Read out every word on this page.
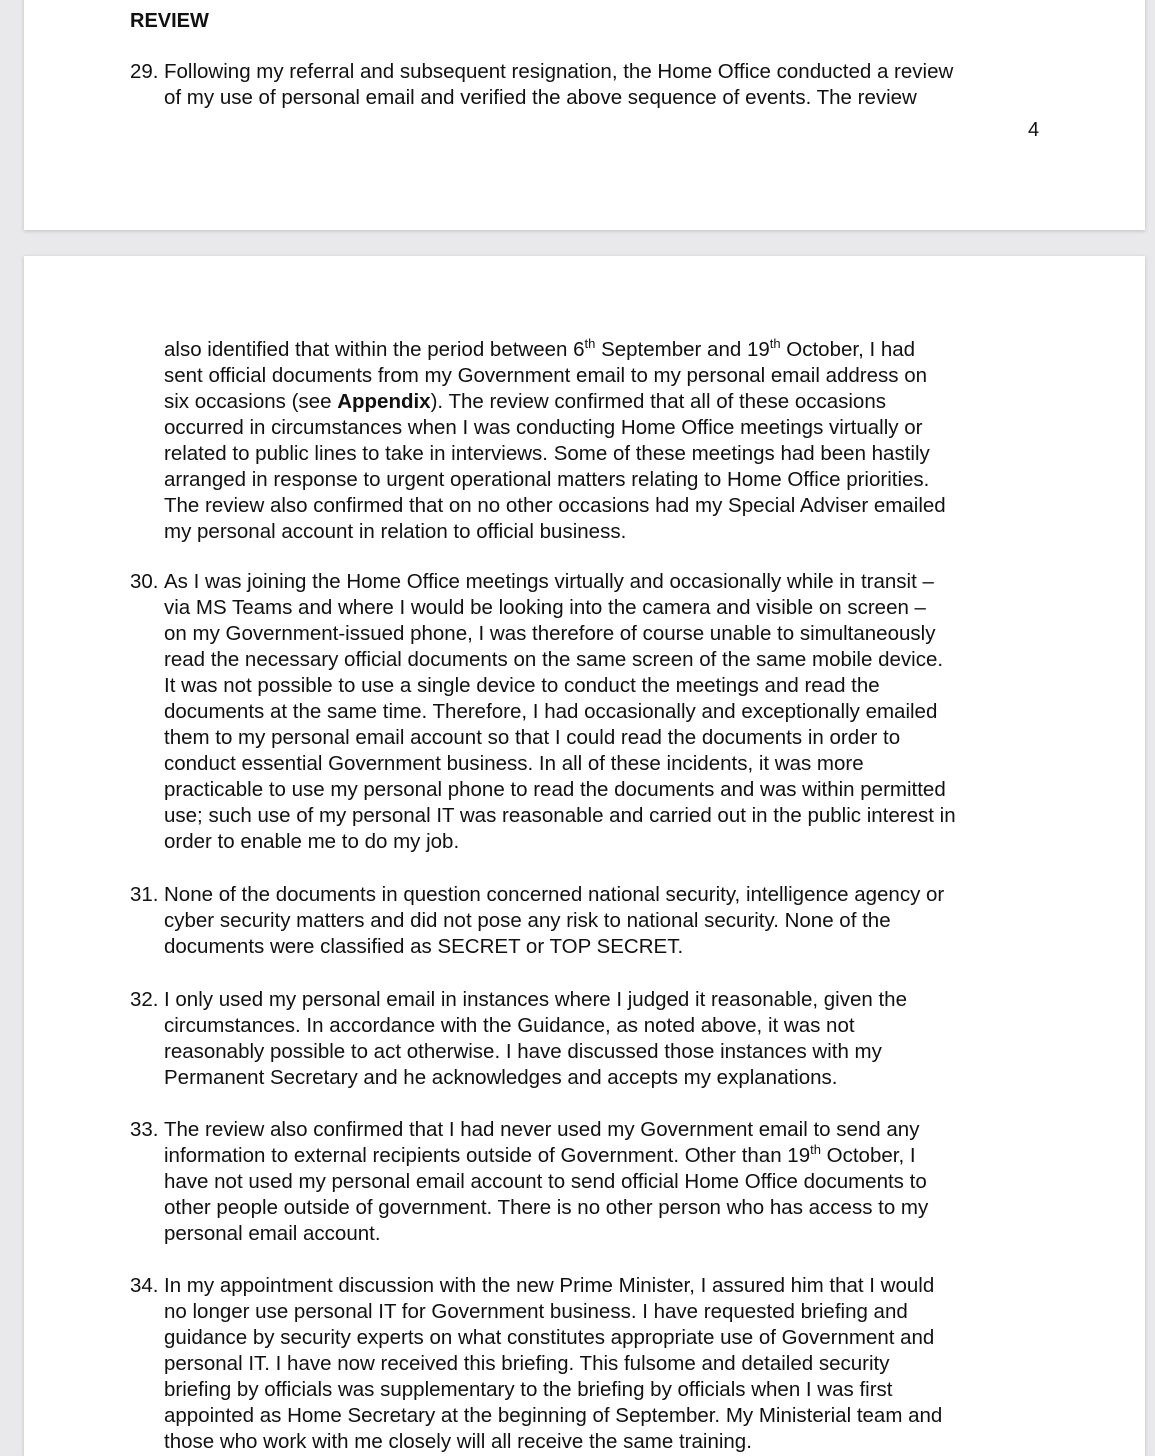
REVIEW

29. Following my referral and subsequent resignation, the Home Office conducted a review
of my use of personal email and verified the above sequence of events. The review
4
also identified that within the period between 6th September and 19th October, I had
sent official documents from my Government email to my personal email address on
six occasions (see Appendix). The review confirmed that all of these occasions
occurred in circumstances when I was conducting Home Office meetings virtually or
related to public lines to take in interviews. Some of these meetings had been hastily
arranged in response to urgent operational matters relating to Home Office priorities.
The review also confirmed that on no other occasions had my Special Adviser emailed
my personal account in relation to official business.
30. As I was joining the Home Office meetings virtually and occasionally while in transit –
via MS Teams and where I would be looking into the camera and visible on screen –
on my Government-issued phone, I was therefore of course unable to simultaneously
read the necessary official documents on the same screen of the same mobile device.
It was not possible to use a single device to conduct the meetings and read the
documents at the same time. Therefore, I had occasionally and exceptionally emailed
them to my personal email account so that I could read the documents in order to
conduct essential Government business. In all of these incidents, it was more
practicable to use my personal phone to read the documents and was within permitted
use; such use of my personal IT was reasonable and carried out in the public interest in
order to enable me to do my job.
31. None of the documents in question concerned national security, intelligence agency or
cyber security matters and did not pose any risk to national security. None of the
documents were classified as SECRET or TOP SECRET.
32. I only used my personal email in instances where I judged it reasonable, given the
circumstances. In accordance with the Guidance, as noted above, it was not
reasonably possible to act otherwise. I have discussed those instances with my
Permanent Secretary and he acknowledges and accepts my explanations.
33. The review also confirmed that I had never used my Government email to send any
information to external recipients outside of Government. Other than 19th October, I
have not used my personal email account to send official Home Office documents to
other people outside of government. There is no other person who has access to my
personal email account.
34. In my appointment discussion with the new Prime Minister, I assured him that I would
no longer use personal IT for Government business. I have requested briefing and
guidance by security experts on what constitutes appropriate use of Government and
personal IT. I have now received this briefing. This fulsome and detailed security
briefing by officials was supplementary to the briefing by officials when I was first
appointed as Home Secretary at the beginning of September. My Ministerial team and
those who work with me closely will all receive the same training.
